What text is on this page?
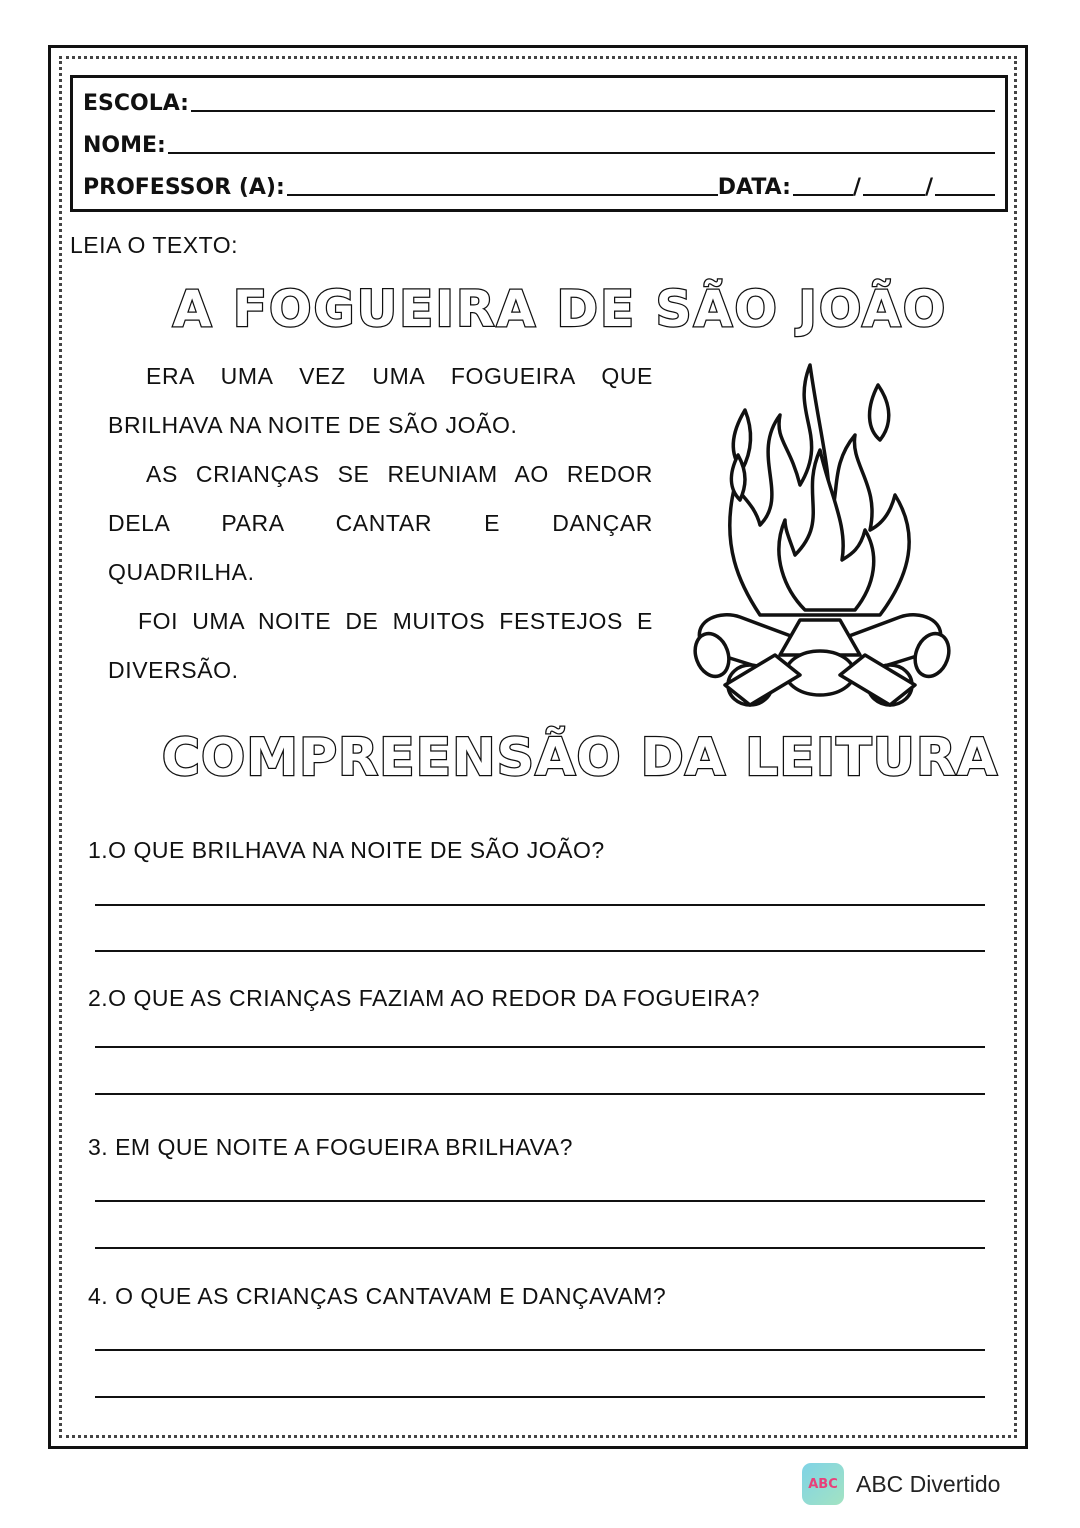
ESCOLA:
NOME:
PROFESSOR (A):	DATA:	/	/
LEIA O TEXTO:
A FOGUEIRA DE SÃO JOÃO

ERA UMA VEZ UMA FOGUEIRA QUE

BRILHAVA NA NOITE DE SÃO JOÃO.

AS CRIANÇAS SE REUNIAM AO REDOR

DELA PARA CANTAR E DANÇAR

QUADRILHA.

FOI UMA NOITE DE MUITOS FESTEJOS E

DIVERSÃO.

COMPREENSÃO DA LEITURA
1.O QUE BRILHAVA NA NOITE DE SÃO JOÃO?
2.O QUE AS CRIANÇAS FAZIAM AO REDOR DA FOGUEIRA?
3. EM QUE NOITE A FOGUEIRA BRILHAVA?
4. O QUE AS CRIANÇAS CANTAVAM E DANÇAVAM?
ABC ABC Divertido
